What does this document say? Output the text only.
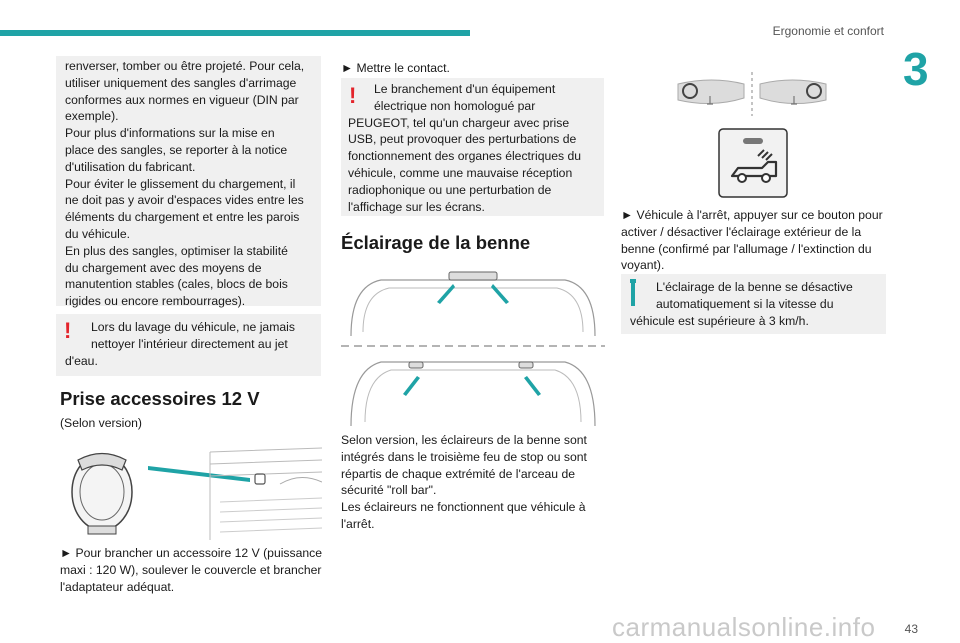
Ergonomie et confort
3
renverser, tomber ou être projeté. Pour cela,
utiliser uniquement des sangles d'arrimage
conformes aux normes en vigueur (DIN par
exemple).
Pour plus d'informations sur la mise en
place des sangles, se reporter à la notice
d'utilisation du fabricant.
Pour éviter le glissement du chargement, il
ne doit pas y avoir d'espaces vides entre les
éléments du chargement et entre les parois
du véhicule.
En plus des sangles, optimiser la stabilité
du chargement avec des moyens de
manutention stables (cales, blocs de bois
rigides ou encore rembourrages).
!	Lors du lavage du véhicule, ne jamais
nettoyer l'intérieur directement au jet
d'eau.
Prise accessoires 12 V
(Selon version)
► Pour brancher un accessoire 12 V (puissance
maxi : 120 W), soulever le couvercle et brancher
l'adaptateur adéquat.
► Mettre le contact.
!	Le branchement d'un équipement
électrique non homologué par
PEUGEOT, tel qu'un chargeur avec prise
USB, peut provoquer des perturbations de
fonctionnement des organes électriques du
véhicule, comme une mauvaise réception
radiophonique ou une perturbation de
l'affichage sur les écrans.
Éclairage de la benne
Selon version, les éclaireurs de la benne sont
intégrés dans le troisième feu de stop ou sont
répartis de chaque extrémité de l'arceau de
sécurité "roll bar".
Les éclaireurs ne fonctionnent que véhicule à
l'arrêt.
► Véhicule à l'arrêt, appuyer sur ce bouton pour
activer / désactiver l'éclairage extérieur de la
benne (confirmé par l'allumage / l'extinction du
voyant).
L'éclairage de la benne se désactive
automatiquement si la vitesse du
véhicule est supérieure à 3 km/h.
carmanualsonline.info 43
